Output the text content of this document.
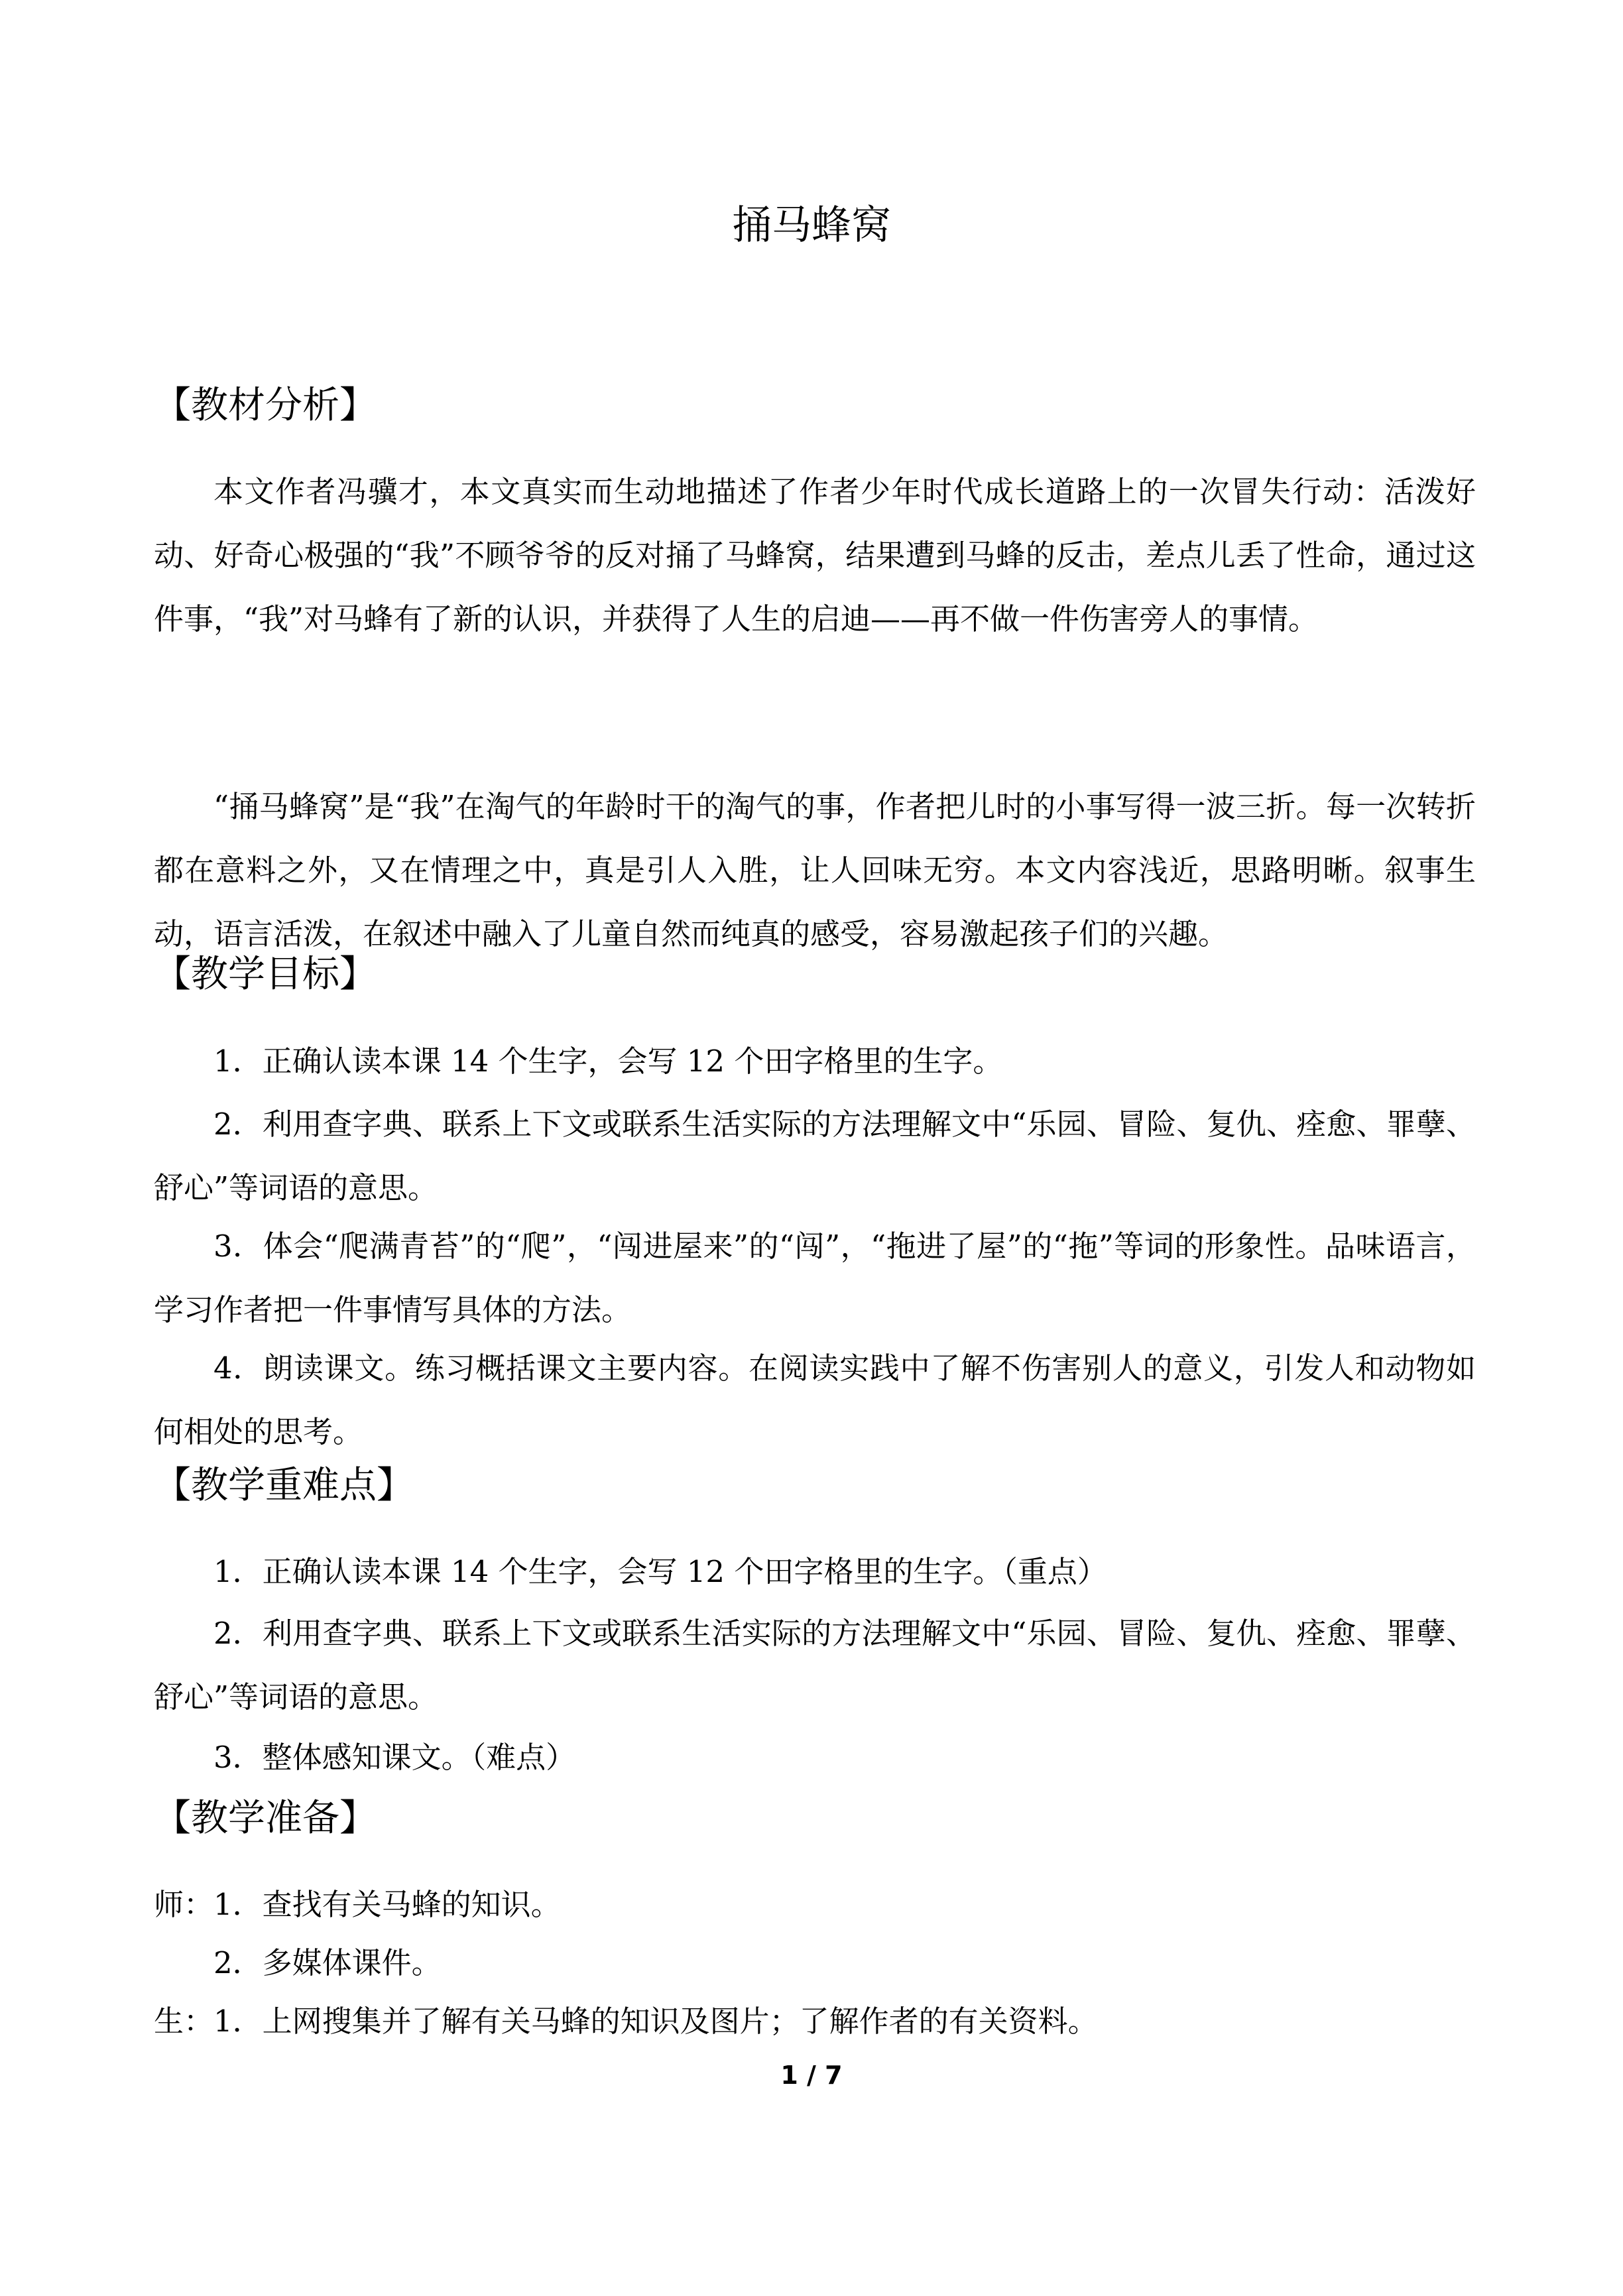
捅马蜂窝
【教材分析】
本文作者冯骥才，本文真实而生动地描述了作者少年时代成长道路上的一次冒失行动：活泼好动、好奇心极强的“我”不顾爷爷的反对捅了马蜂窝，结果遭到马蜂的反击，差点儿丢了性命，通过这件事，“我”对马蜂有了新的认识，并获得了人生的启迪——再不做一件伤害旁人的事情。
“捅马蜂窝”是“我”在淘气的年龄时干的淘气的事，作者把儿时的小事写得一波三折。每一次转折都在意料之外，又在情理之中，真是引人入胜，让人回味无穷。本文内容浅近，思路明晰。叙事生动，语言活泼，在叙述中融入了儿童自然而纯真的感受，容易激起孩子们的兴趣。
【教学目标】
1．正确认读本课 14 个生字，会写 12 个田字格里的生字。
2．利用查字典、联系上下文或联系生活实际的方法理解文中“乐园、冒险、复仇、痊愈、罪孽、舒心”等词语的意思。
3．体会“爬满青苔”的“爬”，“闯进屋来”的“闯”，“拖进了屋”的“拖”等词的形象性。品味语言，学习作者把一件事情写具体的方法。
4．朗读课文。练习概括课文主要内容。在阅读实践中了解不伤害别人的意义，引发人和动物如何相处的思考。
【教学重难点】
1．正确认读本课 14 个生字，会写 12 个田字格里的生字。（重点）
2．利用查字典、联系上下文或联系生活实际的方法理解文中“乐园、冒险、复仇、痊愈、罪孽、舒心”等词语的意思。
3．整体感知课文。（难点）
【教学准备】
师：1．查找有关马蜂的知识。
2．多媒体课件。
生：1．上网搜集并了解有关马蜂的知识及图片；了解作者的有关资料。
1 / 7
